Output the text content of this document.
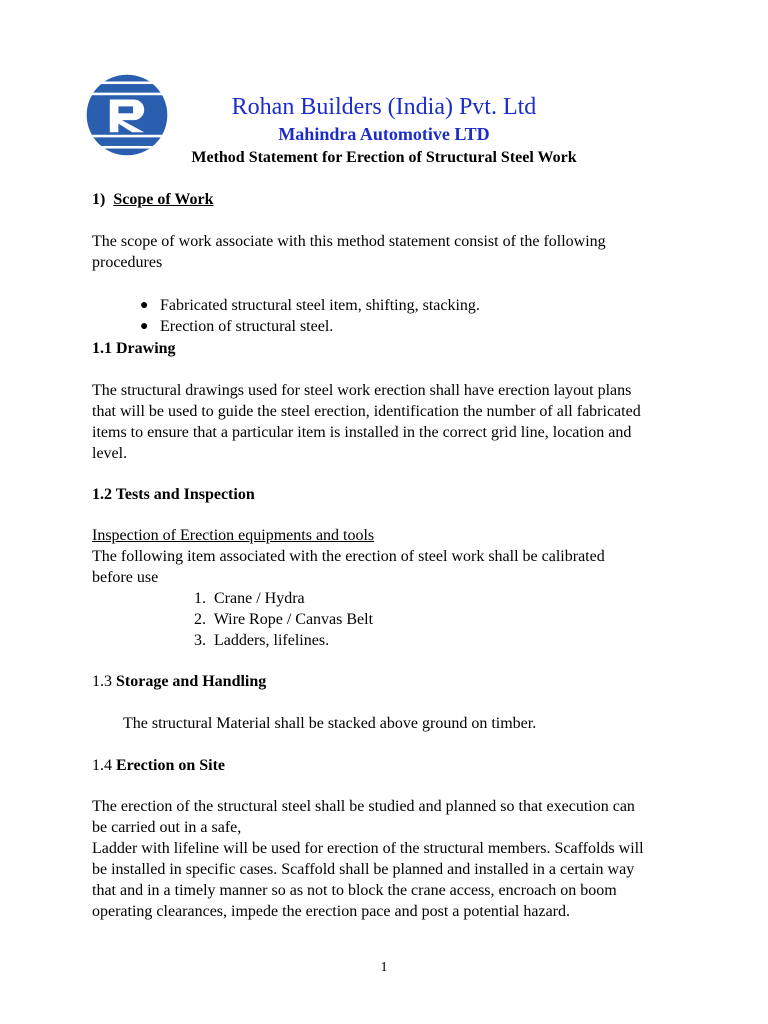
Rohan Builders (India) Pvt. Ltd
Mahindra Automotive LTD
Method Statement for Erection of Structural Steel Work
1) Scope of Work
The scope of work associate with this method statement consist of the following
procedures
● Fabricated structural steel item, shifting, stacking.
● Erection of structural steel.
1.1 Drawing
The structural drawings used for steel work erection shall have erection layout plans
that will be used to guide the steel erection, identification the number of all fabricated
items to ensure that a particular item is installed in the correct grid line, location and
level.
1.2 Tests and Inspection
Inspection of Erection equipments and tools
The following item associated with the erection of steel work shall be calibrated
before use
1. Crane / Hydra
2. Wire Rope / Canvas Belt
3. Ladders, lifelines.
1.3 Storage and Handling
The structural Material shall be stacked above ground on timber.
1.4 Erection on Site
The erection of the structural steel shall be studied and planned so that execution can
be carried out in a safe,
Ladder with lifeline will be used for erection of the structural members. Scaffolds will
be installed in specific cases. Scaffold shall be planned and installed in a certain way
that and in a timely manner so as not to block the crane access, encroach on boom
operating clearances, impede the erection pace and post a potential hazard.
1
